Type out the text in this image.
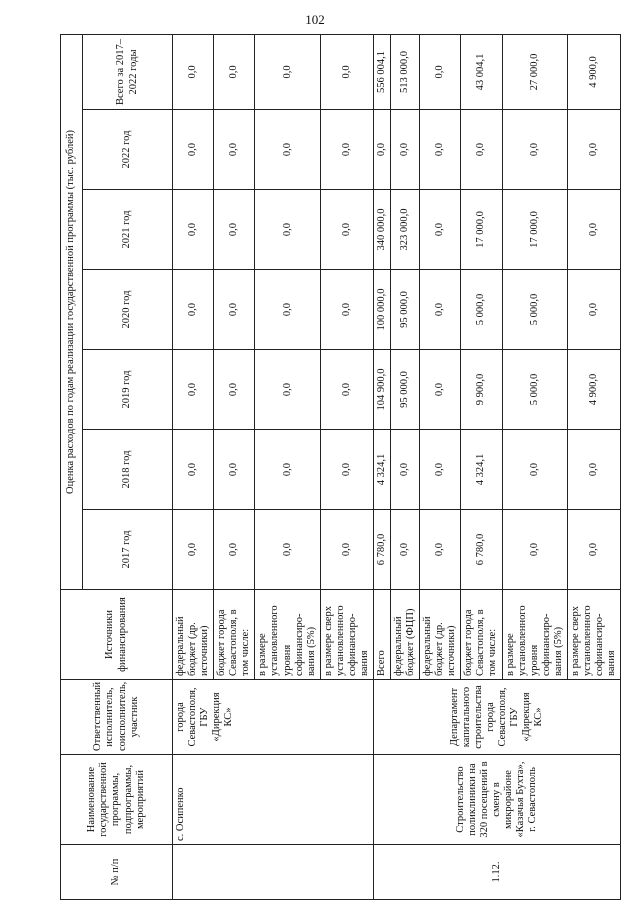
102
№ п/п	Наименование государственной программы, подпрограммы, мероприятий	Ответственный исполнитель, соисполнитель, участник	Источники финансирования	Оценка расходов по годам реализации государственной программы (тыс. рублей)						
				2017 год	2018 год	2019 год	2020 год	2021 год	2022 год	Всего за 2017–2022 годы
	с. Осипенко	города Севастополя, ГБУ «Дирекция КС»	федеральный бюджет (др. источники)	0,0	0,0	0,0	0,0	0,0	0,0	0,0
			бюджет города Севастополя, в том числе:	0,0	0,0	0,0	0,0	0,0	0,0	0,0
			в размере установленного уровня софинансиро-вания (5%)	0,0	0,0	0,0	0,0	0,0	0,0	0,0
			в размере сверх установленного софинансиро-вания	0,0	0,0	0,0	0,0	0,0	0,0	0,0
1.12.	Строительство поликлиники на 320 посещений в смену в микрорайоне «Казачья Бухта», г. Севастополь	Департамент капитального строительства города Севастополя, ГБУ «Дирекция КС»	Всего	6 780,0	4 324,1	104 900,0	100 000,0	340 000,0	0,0	556 004,1
			федеральный бюджет (ФЦП)	0,0	0,0	95 000,0	95 000,0	323 000,0	0,0	513 000,0
			федеральный бюджет (др. источники)	0,0	0,0	0,0	0,0	0,0	0,0	0,0
			бюджет города Севастополя, в том числе:	6 780,0	4 324,1	9 900,0	5 000,0	17 000,0	0,0	43 004,1
			в размере установленного уровня софинансиро-вания (5%)	0,0	0,0	5 000,0	5 000,0	17 000,0	0,0	27 000,0
			в размере сверх установленного софинансиро-вания	0,0	0,0	4 900,0	0,0	0,0	0,0	4 900,0
